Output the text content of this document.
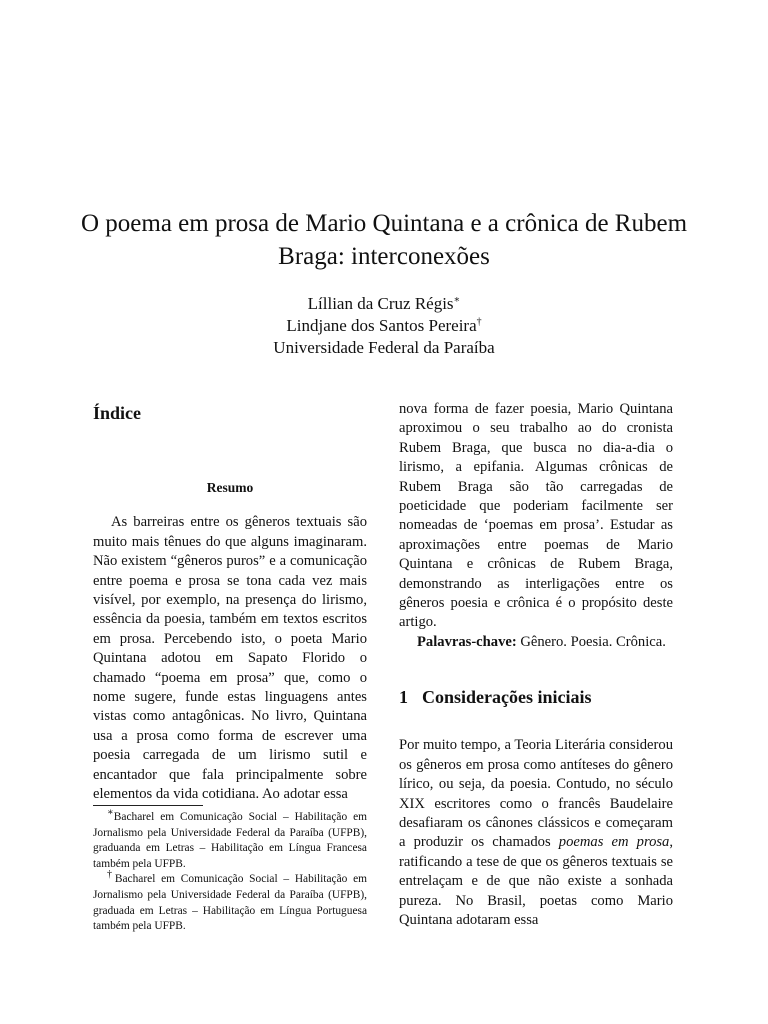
O poema em prosa de Mario Quintana e a crônica de Rubem Braga: interconexões
Líllian da Cruz Régis∗
Lindjane dos Santos Pereira†
Universidade Federal da Paraíba
Índice
Resumo

As barreiras entre os gêneros textuais são muito mais tênues do que alguns imaginaram. Não existem “gêneros puros” e a comunicação entre poema e prosa se tona cada vez mais visível, por exemplo, na presença do lirismo, essência da poesia, também em textos escritos em prosa. Percebendo isto, o poeta Mario Quintana adotou em Sapato Florido o chamado “poema em prosa” que, como o nome sugere, funde estas linguagens antes vistas como antagônicas. No livro, Quintana usa a prosa como forma de escrever uma poesia carregada de um lirismo sutil e encantador que fala principalmente sobre elementos da vida cotidiana. Ao adotar essa

∗Bacharel em Comunicação Social – Habilitação em Jornalismo pela Universidade Federal da Paraíba (UFPB), graduanda em Letras – Habilitação em Língua Francesa também pela UFPB.
†Bacharel em Comunicação Social – Habilitação em Jornalismo pela Universidade Federal da Paraíba (UFPB), graduada em Letras – Habilitação em Língua Portuguesa também pela UFPB.

nova forma de fazer poesia, Mario Quintana aproximou o seu trabalho ao do cronista Rubem Braga, que busca no dia-a-dia o lirismo, a epifania. Algumas crônicas de Rubem Braga são tão carregadas de poeticidade que poderiam facilmente ser nomeadas de ‘poemas em prosa’. Estudar as aproximações entre poemas de Mario Quintana e crônicas de Rubem Braga, demonstrando as interligações entre os gêneros poesia e crônica é o propósito deste artigo.

Palavras-chave: Gênero. Poesia. Crônica.

1 Considerações iniciais

Por muito tempo, a Teoria Literária considerou os gêneros em prosa como antíteses do gênero lírico, ou seja, da poesia. Contudo, no século XIX escritores como o francês Baudelaire desafiaram os cânones clássicos e começaram a produzir os chamados poemas em prosa, ratificando a tese de que os gêneros textuais se entrelaçam e de que não existe a sonhada pureza. No Brasil, poetas como Mario Quintana adotaram essa
